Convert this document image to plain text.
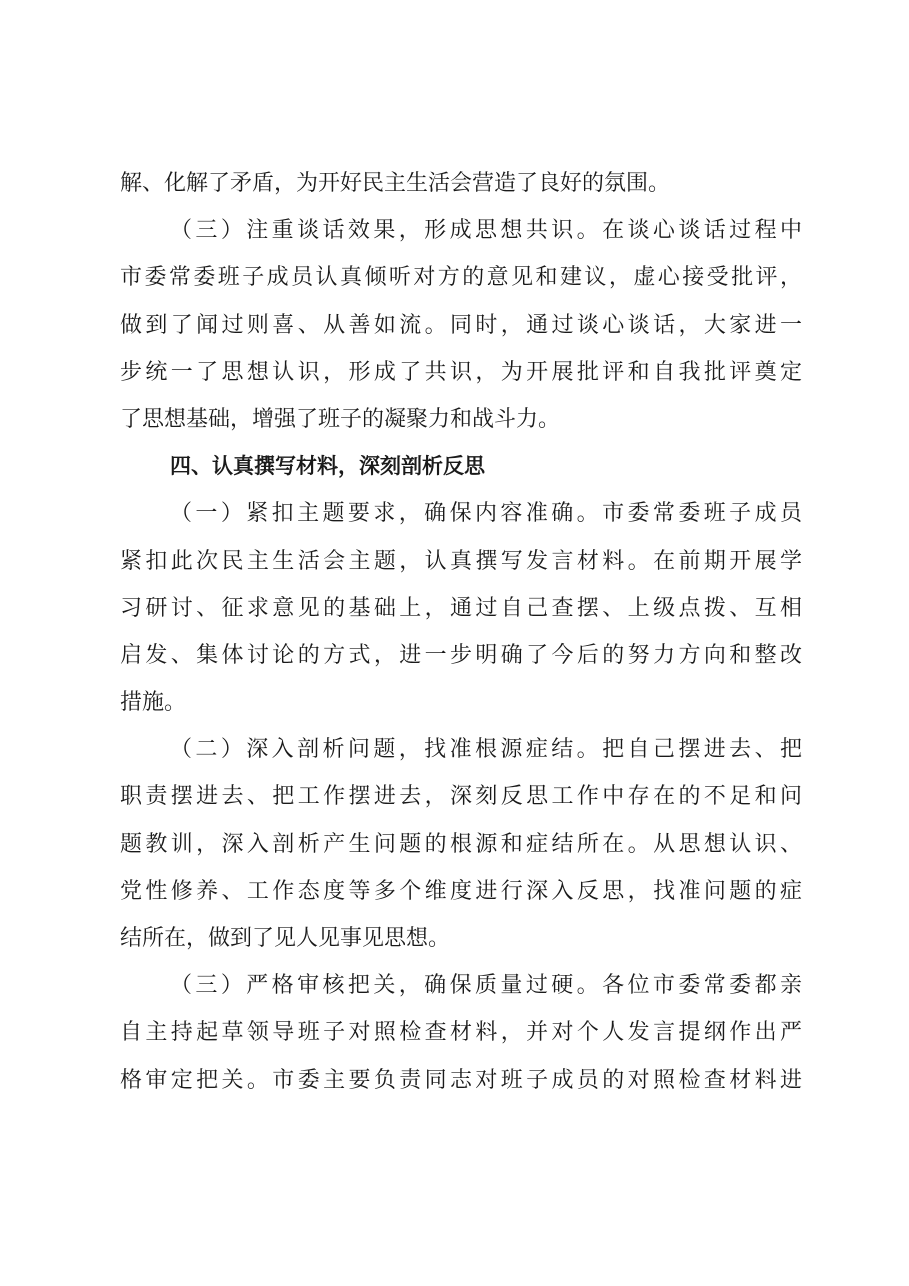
解、化解了矛盾，为开好民主生活会营造了良好的氛围。
（三）注重谈话效果，形成思想共识。在谈心谈话过程中
市委常委班子成员认真倾听对方的意见和建议，虚心接受批评，
做到了闻过则喜、从善如流。同时，通过谈心谈话，大家进一
步统一了思想认识，形成了共识，为开展批评和自我批评奠定
了思想基础，增强了班子的凝聚力和战斗力。
四、认真撰写材料，深刻剖析反思
（一）紧扣主题要求，确保内容准确。市委常委班子成员
紧扣此次民主生活会主题，认真撰写发言材料。在前期开展学
习研讨、征求意见的基础上，通过自己查摆、上级点拨、互相
启发、集体讨论的方式，进一步明确了今后的努力方向和整改
措施。
（二）深入剖析问题，找准根源症结。把自己摆进去、把
职责摆进去、把工作摆进去，深刻反思工作中存在的不足和问
题教训，深入剖析产生问题的根源和症结所在。从思想认识、
党性修养、工作态度等多个维度进行深入反思，找准问题的症
结所在，做到了见人见事见思想。
（三）严格审核把关，确保质量过硬。各位市委常委都亲
自主持起草领导班子对照检查材料，并对个人发言提纲作出严
格审定把关。市委主要负责同志对班子成员的对照检查材料进
